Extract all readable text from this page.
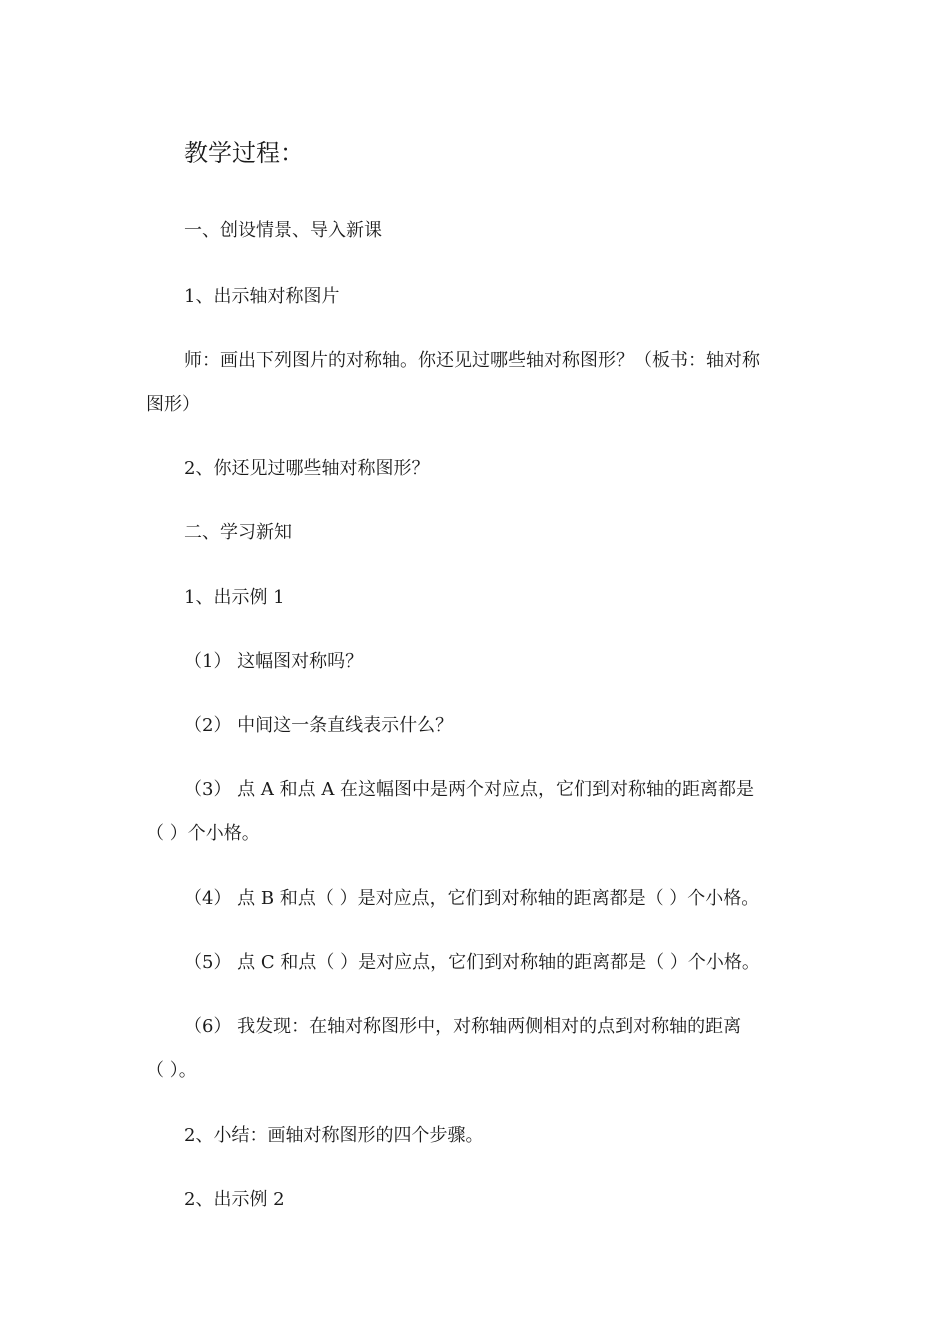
教学过程：
一、创设情景、导入新课
1、出示轴对称图片
师：画出下列图片的对称轴。你还见过哪些轴对称图形？（板书：轴对称
图形）
2、你还见过哪些轴对称图形？
二、学习新知
1、出示例 1
（1） 这幅图对称吗？
（2） 中间这一条直线表示什么？
（3） 点 A 和点 A 在这幅图中是两个对应点，它们到对称轴的距离都是
（ ）个小格。
（4） 点 B 和点（ ）是对应点，它们到对称轴的距离都是（ ）个小格。
（5） 点 C 和点（ ）是对应点，它们到对称轴的距离都是（ ）个小格。
（6） 我发现：在轴对称图形中，对称轴两侧相对的点到对称轴的距离
（ ）。
2、小结：画轴对称图形的四个步骤。
2、出示例 2
